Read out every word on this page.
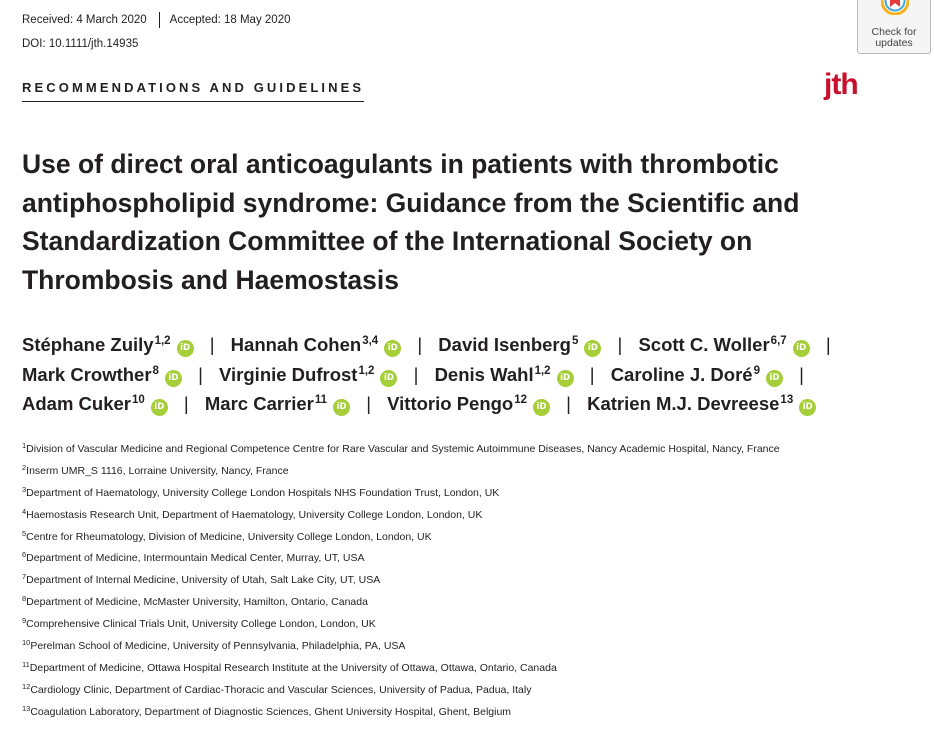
Received: 4 March 2020 Accepted: 18 May 2020
DOI: 10.1111/jth.14935
RECOMMENDATIONS AND GUIDELINES
Check for
updates
jth
Use of direct oral anticoagulants in patients with thrombotic antiphospholipid syndrome: Guidance from the Scientific and Standardization Committee of the International Society on Thrombosis and Haemostasis
Stéphane Zuily$^{1,2}$iD | Hannah Cohen$^{3,4}$iD | David Isenberg$^5$iD | Scott C. Woller$^{6,7}$iD | Mark Crowther$^8$iD | Virginie Dufrost$^{1,2}$iD | Denis Wahl$^{1,2}$iD | Caroline J. Doré$^9$iD | Adam Cuker$^{10}$iD | Marc Carrier$^{11}$iD | Vittorio Pengo$^{12}$iD | Katrien M.J. Devreese$^{13}$iD
$^1$Division of Vascular Medicine and Regional Competence Centre for Rare Vascular and Systemic Autoimmune Diseases, Nancy Academic Hospital, Nancy, France
$^2$Inserm UMR_S 1116, Lorraine University, Nancy, France
$^3$Department of Haematology, University College London Hospitals NHS Foundation Trust, London, UK
$^4$Haemostasis Research Unit, Department of Haematology, University College London, London, UK
$^5$Centre for Rheumatology, Division of Medicine, University College London, London, UK
$^6$Department of Medicine, Intermountain Medical Center, Murray, UT, USA
$^7$Department of Internal Medicine, University of Utah, Salt Lake City, UT, USA
$^8$Department of Medicine, McMaster University, Hamilton, Ontario, Canada
$^9$Comprehensive Clinical Trials Unit, University College London, London, UK
$^{10}$Perelman School of Medicine, University of Pennsylvania, Philadelphia, PA, USA
$^{11}$Department of Medicine, Ottawa Hospital Research Institute at the University of Ottawa, Ottawa, Ontario, Canada
$^{12}$Cardiology Clinic, Department of Cardiac-Thoracic and Vascular Sciences, University of Padua, Padua, Italy
$^{13}$Coagulation Laboratory, Department of Diagnostic Sciences, Ghent University Hospital, Ghent, Belgium
